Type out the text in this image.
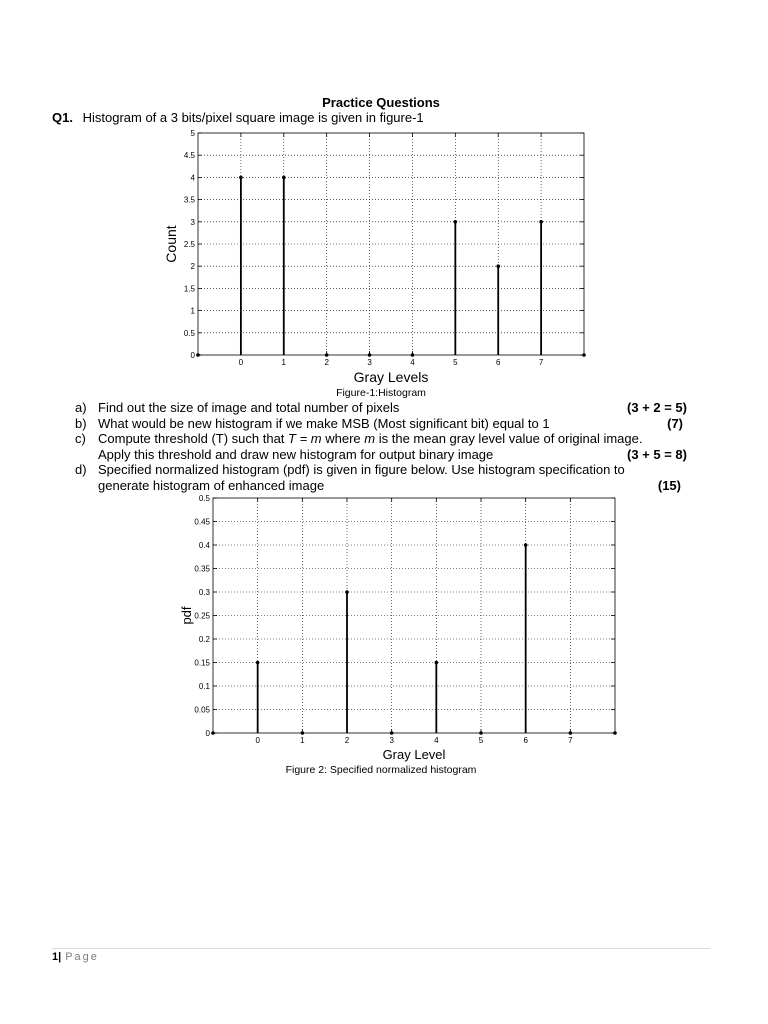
Practice Questions
Q1. Histogram of a 3 bits/pixel square image is given in figure-1
0
0.5
1
1.5
2
2.5
3
3.5
4
4.5
5
0	1	2	3	4	5	6	7
Gray Levels
Count
Figure-1:Histogram
a) Find out the size of image and total number of pixels	(3 + 2 = 5)
b) What would be new histogram if we make MSB (Most significant bit) equal to 1	(7)
c) Compute threshold (T) such that T = m where m is the mean gray level value of original image.
Apply this threshold and draw new histogram for output binary image	(3 + 5 = 8)
d) Specified normalized histogram (pdf) is given in figure below. Use histogram specification to
generate histogram of enhanced image	(15)
0
0.05
0.1
0.15
0.2
0.25
0.3
0.35
0.4
0.45
0.5
0	1	2	3	4	5	6	7
Gray Level
pdf
Figure 2: Specified normalized histogram
1| Page
